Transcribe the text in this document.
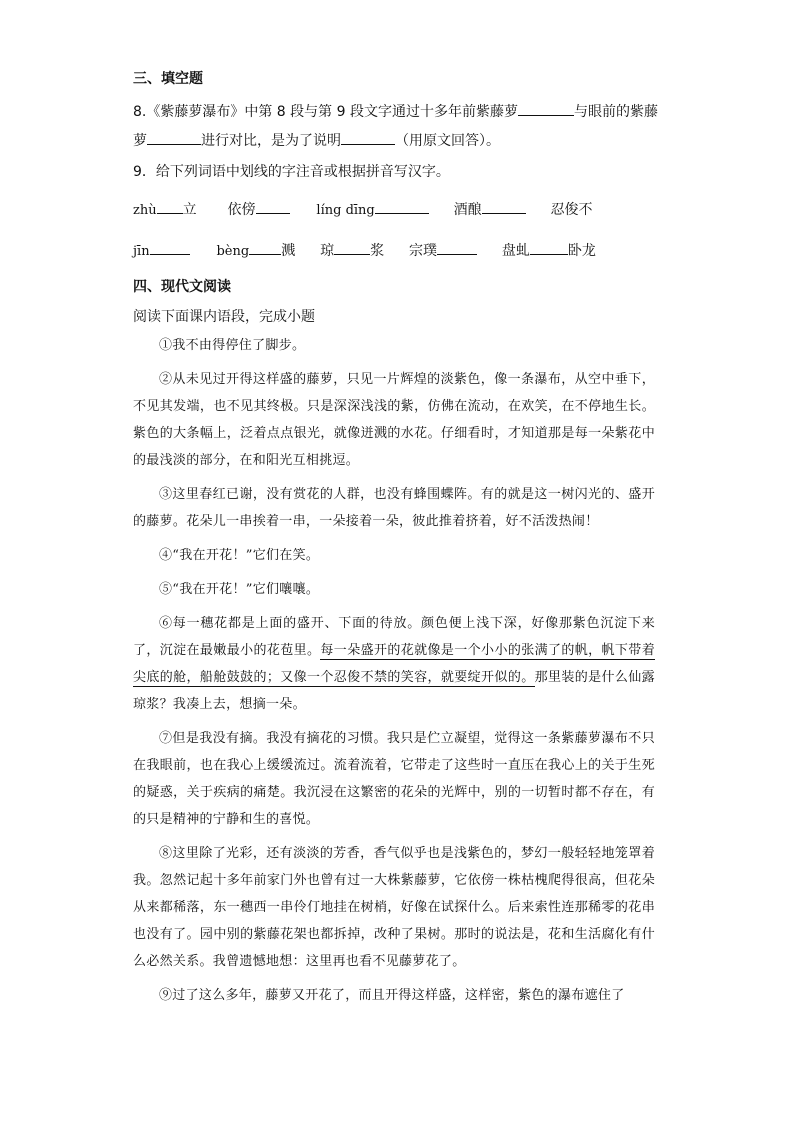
三、填空题
8.《紫藤萝瀑布》中第 8 段与第 9 段文字通过十多年前紫藤萝	与眼前的紫藤
萝	进行对比，是为了说明	（用原文回答）。
9．给下列词语中划线的字注音或根据拼音写汉字。
zhù 立 依傍	líng dīng	酒酿	忍俊不
jīn	bèng 溅 琼	浆 宗璞	盘虬	卧龙
四、现代文阅读
阅读下面课内语段，完成小题

①我不由得停住了脚步。

②从未见过开得这样盛的藤萝，只见一片辉煌的淡紫色，像一条瀑布，从空中垂下，不见其发端，也不见其终极。只是深深浅浅的紫，仿佛在流动，在欢笑，在不停地生长。紫色的大条幅上，泛着点点银光，就像迸溅的水花。仔细看时，才知道那是每一朵紫花中的最浅淡的部分，在和阳光互相挑逗。

③这里春红已谢，没有赏花的人群，也没有蜂围蝶阵。有的就是这一树闪光的、盛开的藤萝。花朵儿一串挨着一串，一朵接着一朵，彼此推着挤着，好不活泼热闹！

④“我在开花！”它们在笑。

⑤“我在开花！”它们嚷嚷。

⑥每一穗花都是上面的盛开、下面的待放。颜色便上浅下深，好像那紫色沉淀下来了，沉淀在最嫩最小的花苞里。每一朵盛开的花就像是一个小小的张满了的帆，帆下带着尖底的舱，船舱鼓鼓的；又像一个忍俊不禁的笑容，就要绽开似的。那里装的是什么仙露琼浆？我凑上去，想摘一朵。

⑦但是我没有摘。我没有摘花的习惯。我只是伫立凝望，觉得这一条紫藤萝瀑布不只在我眼前，也在我心上缓缓流过。流着流着，它带走了这些时一直压在我心上的关于生死的疑惑，关于疾病的痛楚。我沉浸在这繁密的花朵的光辉中，别的一切暂时都不存在，有的只是精神的宁静和生的喜悦。

⑧这里除了光彩，还有淡淡的芳香，香气似乎也是浅紫色的，梦幻一般轻轻地笼罩着我。忽然记起十多年前家门外也曾有过一大株紫藤萝，它依傍一株枯槐爬得很高，但花朵从来都稀落，东一穗西一串伶仃地挂在树梢，好像在试探什么。后来索性连那稀零的花串也没有了。园中别的紫藤花架也都拆掉，改种了果树。那时的说法是，花和生活腐化有什么必然关系。我曾遗憾地想：这里再也看不见藤萝花了。

⑨过了这么多年，藤萝又开花了，而且开得这样盛，这样密，紫色的瀑布遮住了
